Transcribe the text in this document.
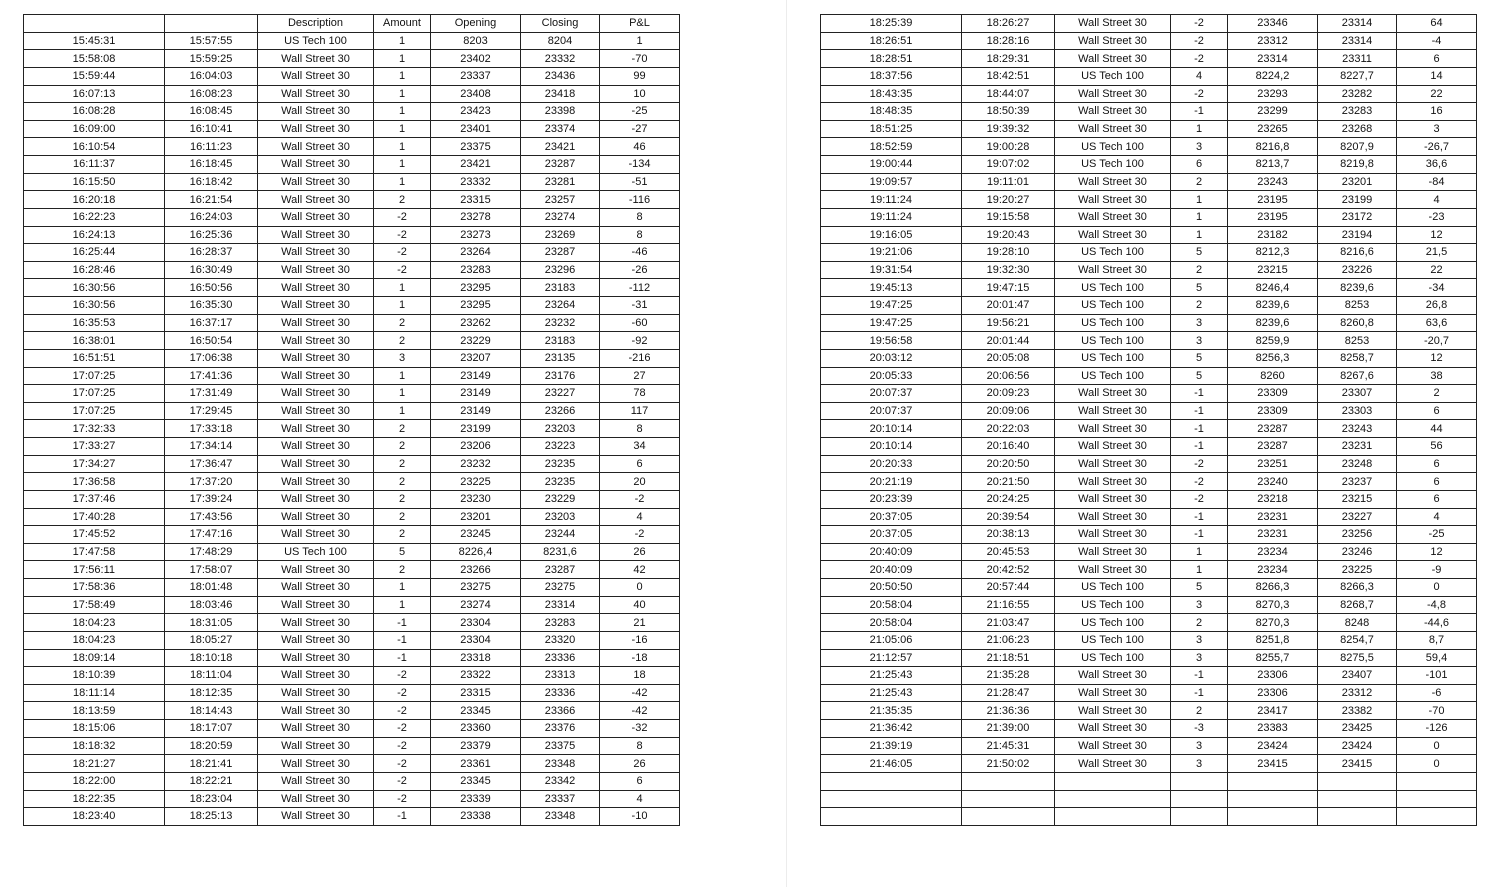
		Description	Amount	Opening	Closing	P&L
15:45:31	15:57:55	US Tech 100	1	8203	8204	1
15:58:08	15:59:25	Wall Street 30	1	23402	23332	-70
15:59:44	16:04:03	Wall Street 30	1	23337	23436	99
16:07:13	16:08:23	Wall Street 30	1	23408	23418	10
16:08:28	16:08:45	Wall Street 30	1	23423	23398	-25
16:09:00	16:10:41	Wall Street 30	1	23401	23374	-27
16:10:54	16:11:23	Wall Street 30	1	23375	23421	46
16:11:37	16:18:45	Wall Street 30	1	23421	23287	-134
16:15:50	16:18:42	Wall Street 30	1	23332	23281	-51
16:20:18	16:21:54	Wall Street 30	2	23315	23257	-116
16:22:23	16:24:03	Wall Street 30	-2	23278	23274	8
16:24:13	16:25:36	Wall Street 30	-2	23273	23269	8
16:25:44	16:28:37	Wall Street 30	-2	23264	23287	-46
16:28:46	16:30:49	Wall Street 30	-2	23283	23296	-26
16:30:56	16:50:56	Wall Street 30	1	23295	23183	-112
16:30:56	16:35:30	Wall Street 30	1	23295	23264	-31
16:35:53	16:37:17	Wall Street 30	2	23262	23232	-60
16:38:01	16:50:54	Wall Street 30	2	23229	23183	-92
16:51:51	17:06:38	Wall Street 30	3	23207	23135	-216
17:07:25	17:41:36	Wall Street 30	1	23149	23176	27
17:07:25	17:31:49	Wall Street 30	1	23149	23227	78
17:07:25	17:29:45	Wall Street 30	1	23149	23266	117
17:32:33	17:33:18	Wall Street 30	2	23199	23203	8
17:33:27	17:34:14	Wall Street 30	2	23206	23223	34
17:34:27	17:36:47	Wall Street 30	2	23232	23235	6
17:36:58	17:37:20	Wall Street 30	2	23225	23235	20
17:37:46	17:39:24	Wall Street 30	2	23230	23229	-2
17:40:28	17:43:56	Wall Street 30	2	23201	23203	4
17:45:52	17:47:16	Wall Street 30	2	23245	23244	-2
17:47:58	17:48:29	US Tech 100	5	8226,4	8231,6	26
17:56:11	17:58:07	Wall Street 30	2	23266	23287	42
17:58:36	18:01:48	Wall Street 30	1	23275	23275	0
17:58:49	18:03:46	Wall Street 30	1	23274	23314	40
18:04:23	18:31:05	Wall Street 30	-1	23304	23283	21
18:04:23	18:05:27	Wall Street 30	-1	23304	23320	-16
18:09:14	18:10:18	Wall Street 30	-1	23318	23336	-18
18:10:39	18:11:04	Wall Street 30	-2	23322	23313	18
18:11:14	18:12:35	Wall Street 30	-2	23315	23336	-42
18:13:59	18:14:43	Wall Street 30	-2	23345	23366	-42
18:15:06	18:17:07	Wall Street 30	-2	23360	23376	-32
18:18:32	18:20:59	Wall Street 30	-2	23379	23375	8
18:21:27	18:21:41	Wall Street 30	-2	23361	23348	26
18:22:00	18:22:21	Wall Street 30	-2	23345	23342	6
18:22:35	18:23:04	Wall Street 30	-2	23339	23337	4
18:23:40	18:25:13	Wall Street 30	-1	23338	23348	-10
18:25:39	18:26:27	Wall Street 30	-2	23346	23314	64
18:26:51	18:28:16	Wall Street 30	-2	23312	23314	-4
18:28:51	18:29:31	Wall Street 30	-2	23314	23311	6
18:37:56	18:42:51	US Tech 100	4	8224,2	8227,7	14
18:43:35	18:44:07	Wall Street 30	-2	23293	23282	22
18:48:35	18:50:39	Wall Street 30	-1	23299	23283	16
18:51:25	19:39:32	Wall Street 30	1	23265	23268	3
18:52:59	19:00:28	US Tech 100	3	8216,8	8207,9	-26,7
19:00:44	19:07:02	US Tech 100	6	8213,7	8219,8	36,6
19:09:57	19:11:01	Wall Street 30	2	23243	23201	-84
19:11:24	19:20:27	Wall Street 30	1	23195	23199	4
19:11:24	19:15:58	Wall Street 30	1	23195	23172	-23
19:16:05	19:20:43	Wall Street 30	1	23182	23194	12
19:21:06	19:28:10	US Tech 100	5	8212,3	8216,6	21,5
19:31:54	19:32:30	Wall Street 30	2	23215	23226	22
19:45:13	19:47:15	US Tech 100	5	8246,4	8239,6	-34
19:47:25	20:01:47	US Tech 100	2	8239,6	8253	26,8
19:47:25	19:56:21	US Tech 100	3	8239,6	8260,8	63,6
19:56:58	20:01:44	US Tech 100	3	8259,9	8253	-20,7
20:03:12	20:05:08	US Tech 100	5	8256,3	8258,7	12
20:05:33	20:06:56	US Tech 100	5	8260	8267,6	38
20:07:37	20:09:23	Wall Street 30	-1	23309	23307	2
20:07:37	20:09:06	Wall Street 30	-1	23309	23303	6
20:10:14	20:22:03	Wall Street 30	-1	23287	23243	44
20:10:14	20:16:40	Wall Street 30	-1	23287	23231	56
20:20:33	20:20:50	Wall Street 30	-2	23251	23248	6
20:21:19	20:21:50	Wall Street 30	-2	23240	23237	6
20:23:39	20:24:25	Wall Street 30	-2	23218	23215	6
20:37:05	20:39:54	Wall Street 30	-1	23231	23227	4
20:37:05	20:38:13	Wall Street 30	-1	23231	23256	-25
20:40:09	20:45:53	Wall Street 30	1	23234	23246	12
20:40:09	20:42:52	Wall Street 30	1	23234	23225	-9
20:50:50	20:57:44	US Tech 100	5	8266,3	8266,3	0
20:58:04	21:16:55	US Tech 100	3	8270,3	8268,7	-4,8
20:58:04	21:03:47	US Tech 100	2	8270,3	8248	-44,6
21:05:06	21:06:23	US Tech 100	3	8251,8	8254,7	8,7
21:12:57	21:18:51	US Tech 100	3	8255,7	8275,5	59,4
21:25:43	21:35:28	Wall Street 30	-1	23306	23407	-101
21:25:43	21:28:47	Wall Street 30	-1	23306	23312	-6
21:35:35	21:36:36	Wall Street 30	2	23417	23382	-70
21:36:42	21:39:00	Wall Street 30	-3	23383	23425	-126
21:39:19	21:45:31	Wall Street 30	3	23424	23424	0
21:46:05	21:50:02	Wall Street 30	3	23415	23415	0
